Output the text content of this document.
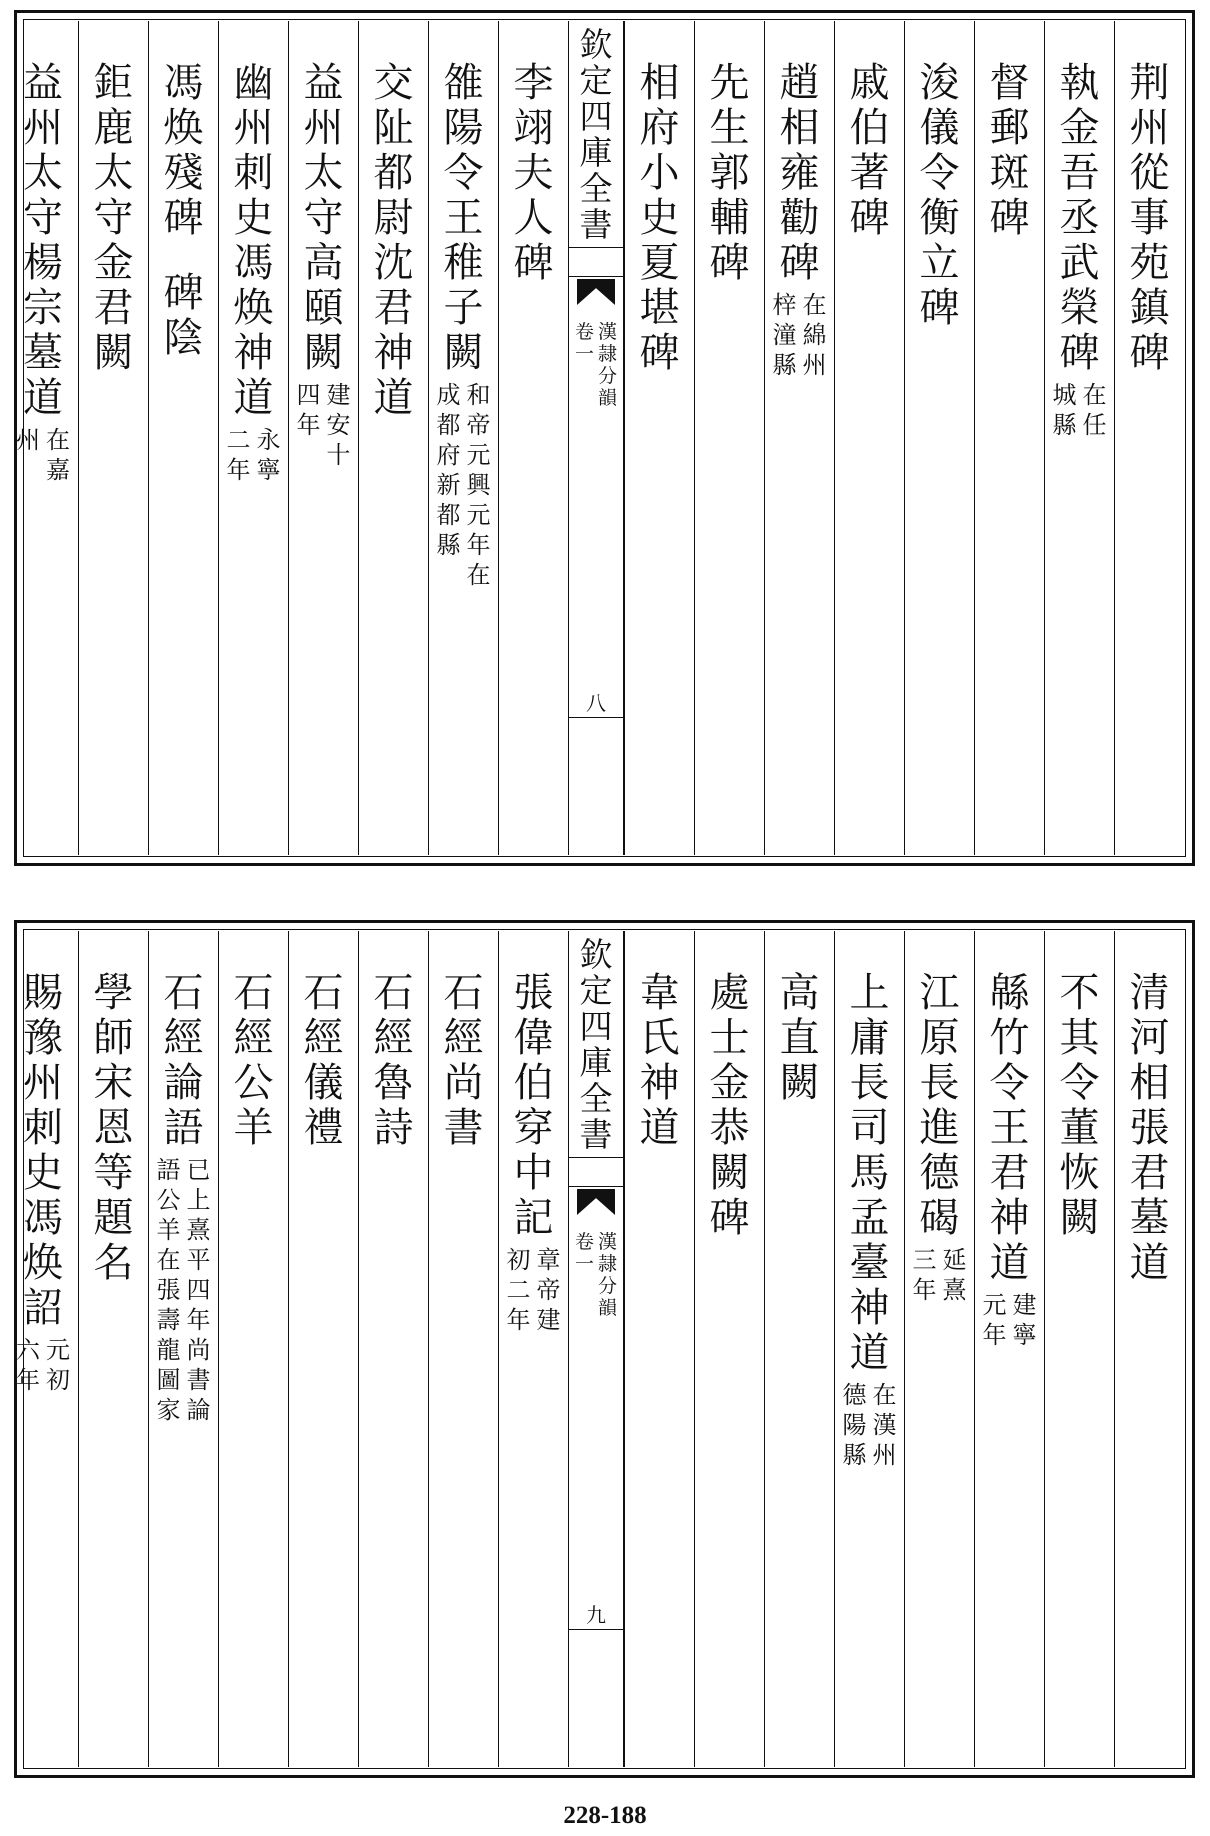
荆
州
從
事
苑
鎮
碑
執
金
吾
丞
武
榮
碑
在
任
城
縣
督
郵
斑
碑
浚
儀
令
衡
立
碑
戚
伯
著
碑
趙
相
雍
勸
碑
在
綿
州
梓
潼
縣
先
生
郭
輔
碑
相
府
小
史
夏
堪
碑
欽
定
四
庫
全
書
漢
隷
分
韻
卷
一
八
李
翊
夫
人
碑
雒
陽
令
王
稚
子
闕
和
帝
元
興
元
年
在
成
都
府
新
都
縣
交
阯
都
尉
沈
君
神
道
益
州
太
守
高
頤
闕
建
安
十
四
年
幽
州
刺
史
馮
焕
神
道
永
寧
二
年
馮
焕
殘
碑
碑
陰
鉅
鹿
太
守
金
君
闕
益
州
太
守
楊
宗
墓
道
在
嘉
州
清
河
相
張
君
墓
道
不
其
令
董
恢
闕
緜
竹
令
王
君
神
道
建
寧
元
年
江
原
長
進
德
碣
延
熹
三
年
上
庸
長
司
馬
孟
臺
神
道
在
漢
州
德
陽
縣
高
直
闕
處
士
金
恭
闕
碑
韋
氏
神
道
欽
定
四
庫
全
書
漢
隷
分
韻
卷
一
九
張
偉
伯
穿
中
記
章
帝
建
初
二
年
石
經
尚
書
石
經
魯
詩
石
經
儀
禮
石
經
公
羊
石
經
論
語
已
上
熹
平
四
年
尚
書
論
語
公
羊
在
張
壽
龍
圖
家
學
師
宋
恩
等
題
名
賜
豫
州
刺
史
馮
焕
詔
元
初
六
年
228-188
